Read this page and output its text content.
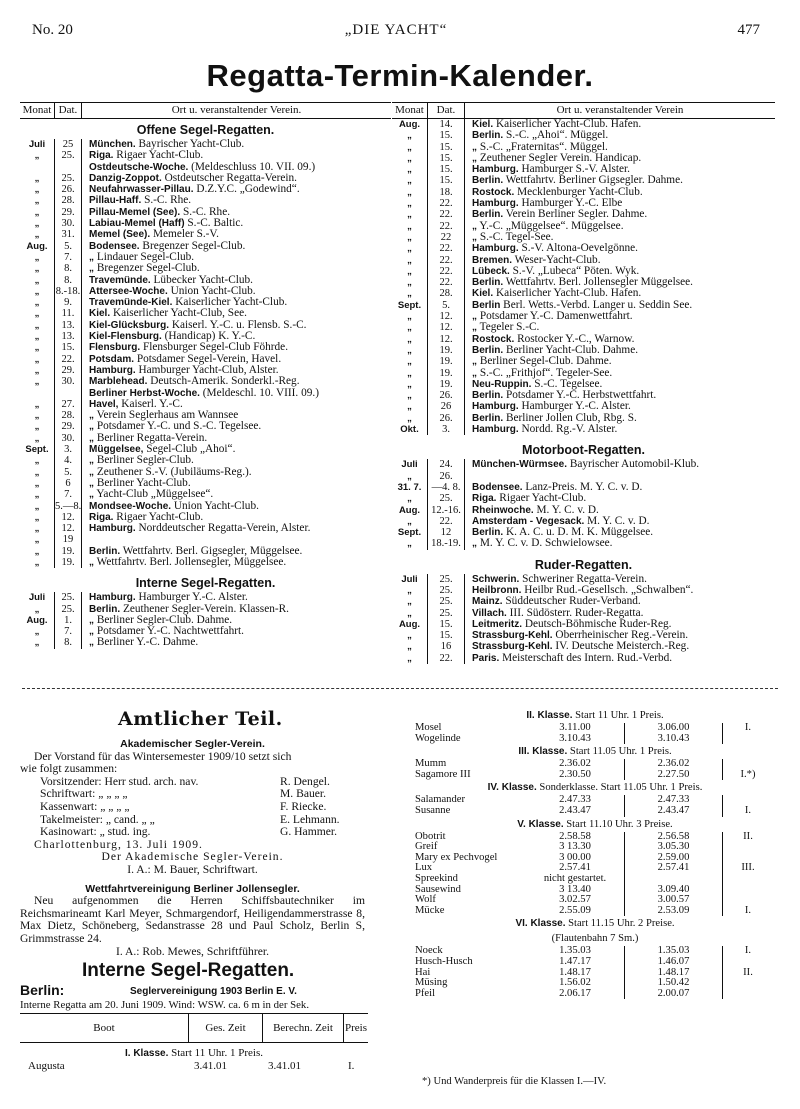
No. 20	„DIE YACHT“	477
Regatta-Termin-Kalender.
Monat Dat.	Ort u. veranstaltender Verein.
Offene Segel-Regatten.
Juli	25	München. Bayrischer Yacht-Club.
„	25.	Riga. Rigaer Yacht-Club.
Ostdeutsche-Woche. (Meldeschluss 10. VII. 09.)
„	25.	Danzig-Zoppot. Ostdeutscher Regatta-Verein.
„	26.	Neufahrwasser-Pillau. D.Z.Y.C. „Godewind“.
„	28.	Pillau-Haff. S.-C. Rhe.
„	29.	Pillau-Memel (See). S.-C. Rhe.
„	30.	Labiau-Memel (Haff) S.-C. Baltic.
„	31.	Memel (See). Memeler S.-V.
Aug.	5.	Bodensee. Bregenzer Segel-Club.
„	7.	„ Lindauer Segel-Club.
„	8.	„ Bregenzer Segel-Club.
„	8.	Travemünde. Lübecker Yacht-Club.
„	8.-18. Attersee-Woche. Union Yacht-Club.
„	9.	Travemünde-Kiel. Kaiserlicher Yacht-Club.
„	11.	Kiel. Kaiserlicher Yacht-Club, See.
„	13.	Kiel-Glücksburg. Kaiserl. Y.-C. u. Flensb. S.-C.
„	13.	Kiel-Flensburg. (Handicap) K. Y.-C.
„	15.	Flensburg. Flensburger Segel-Club Föhrde.
„	22.	Potsdam. Potsdamer Segel-Verein, Havel.
„	29.	Hamburg. Hamburger Yacht-Club, Alster.
„	30.	Marblehead. Deutsch-Amerik. Sonderkl.-Reg.
Berliner Herbst-Woche. (Meldeschl. 10. VIII. 09.)
„	27.	Havel, Kaiserl. Y.-C.
„	28.	„ Verein Seglerhaus am Wannsee
„	29.	„ Potsdamer Y.-C. und S.-C. Tegelsee.
„	30.	„ Berliner Regatta-Verein.
Sept.	3.	Müggelsee, Segel-Club „Ahoi“.
„	4.	„ Berliner Segler-Club.
„	5.	„ Zeuthener S.-V. (Jubiläums-Reg.).
„	6	„ Berliner Yacht-Club.
„	7.	„ Yacht-Club „Müggelsee“.
„	5.—8. Mondsee-Woche. Union Yacht-Club.
„	12.	Riga. Rigaer Yacht-Club.
„	12.	Hamburg. Norddeutscher Regatta-Verein, Alster.
„	19
„	19.	Berlin. Wettfahrtv. Berl. Gigsegler, Müggelsee.
„	19.	„ Wettfahrtv. Berl. Jollensegler, Müggelsee.
Interne Segel-Regatten.
Juli	25.	Hamburg. Hamburger Y.-C. Alster.
„	25.	Berlin. Zeuthener Segler-Verein. Klassen-R.
Aug.	1.	„ Berliner Segler-Club. Dahme.
„	7.	„ Potsdamer Y.-C. Nachtwettfahrt.
„	8.	„ Berliner Y.-C. Dahme.
Monat	Dat.	Ort u. veranstaltender Verein
Aug.	14.	Kiel. Kaiserlicher Yacht-Club. Hafen.
„	15.	Berlin. S.-C. „Ahoi“. Müggel.
„	15.	„ S.-C. „Fraternitas“. Müggel.
„	15.	„ Zeuthener Segler Verein. Handicap.
„	15.	Hamburg. Hamburger S.-V. Alster.
„	15.	Berlin. Wettfahrtv. Berliner Gigsegler. Dahme.
„	18.	Rostock. Mecklenburger Yacht-Club.
„	22.	Hamburg. Hamburger Y.-C. Elbe
„	22.	Berlin. Verein Berliner Segler. Dahme.
„	22.	„ Y.-C. „Müggelsee“. Müggelsee.
„	22	„ S.-C. Tegel-See.
„	22.	Hamburg. S.-V. Altona-Oevelgönne.
„	22.	Bremen. Weser-Yacht-Club.
„	22.	Lübeck. S.-V. „Lubeca“ Pöten. Wyk.
„	22.	Berlin. Wettfahrtv. Berl. Jollensegler Müggelsee.
„	28.	Kiel. Kaiserlicher Yacht-Club. Hafen.
Sept.	5.	Berlin Berl. Wetts.-Verbd. Langer u. Seddin See.
„	12.	„ Potsdamer Y.-C. Damenwettfahrt.
„	12.	„ Tegeler S.-C.
„	12.	Rostock. Rostocker Y.-C., Warnow.
„	19.	Berlin. Berliner Yacht-Club. Dahme.
„	19.	„ Berliner Segel-Club. Dahme.
„	19.	„ S.-C. „Frithjof“. Tegeler-See.
„	19.	Neu-Ruppin. S.-C. Tegelsee.
„	26.	Berlin. Potsdamer Y.-C. Herbstwettfahrt.
„	26	Hamburg. Hamburger Y.-C. Alster.
„	26.	Berlin. Berliner Jollen Club, Rbg. S.
Okt.	3.	Hamburg. Nordd. Rg.-V. Alster.
Motorboot-Regatten.
Juli	24.	München-Würmsee. Bayrischer Automobil-Klub.
„	26.
31. 7. —4. 8.	Bodensee. Lanz-Preis. M. Y. C. v. D.
„	25.	Riga. Rigaer Yacht-Club.
Aug.	12.-16.	Rheinwoche. M. Y. C. v. D.
„	22.	Amsterdam - Vegesack. M. Y. C. v. D.
Sept.	12	Berlin. K. A. C. u. D. M. K. Müggelsee.
„	18.-19.	„ M. Y. C. v. D. Schwielowsee.
Ruder-Regatten.
Juli	25.	Schwerin. Schweriner Regatta-Verein.
„	25.	Heilbronn. Heilbr Rud.-Gesellsch. „Schwalben“.
„	25.	Mainz. Süddeutscher Ruder-Verband.
„	25.	Villach. III. Südösterr. Ruder-Regatta.
Aug.	15.	Leitmeritz. Deutsch-Böhmische Ruder-Reg.
„	15.	Strassburg-Kehl. Oberrheinischer Reg.-Verein.
„	16	Strassburg-Kehl. IV. Deutsche Meisterch.-Reg.
„	22.	Paris. Meisterschaft des Intern. Rud.-Verbd.
Amtlicher Teil.
Akademischer Segler-Verein.
Der Vorstand für das Wintersemester 1909/10 setzt sich
wie folgt zusammen:
Vorsitzender: Herr stud. arch. nav.	R. Dengel.
Schriftwart: „ „ „ „	M. Bauer.
Kassenwart: „ „ „ „	F. Riecke.
Takelmeister: „ cand. „ „	E. Lehmann.
Kasinowart: „ stud. ing.	G. Hammer.
Charlottenburg, 13. Juli 1909.
Der Akademische Segler-Verein.
I. A.: M. Bauer, Schriftwart.
Wettfahrtvereinigung Berliner Jollensegler.
Neu aufgenommen die Herren Schiffsbautechniker im Reichsmarineamt Karl Meyer, Schmargendorf, Heiligendammerstrasse 8, Max Dietz, Schöneberg, Sedanstrasse 28 und Paul Scholz, Berlin S, Grimmstrasse 24.
I. A.: Rob. Mewes, Schriftführer.
Interne Segel-Regatten.
Berlin:	Seglervereinigung 1903 Berlin E. V.
Interne Regatta am 20. Juni 1909. Wind: WSW. ca. 6 m in der Sek.
Boot	Ges. Zeit	Berechn. Zeit	Preis
I. Klasse. Start 11 Uhr. 1 Preis.
Augusta	3.41.01	3.41.01	I.
II. Klasse. Start 11 Uhr. 1 Preis.
Mosel	3.11.00	3.06.00	I.
Wogelinde	3.10.43	3.10.43
III. Klasse. Start 11.05 Uhr. 1 Preis.
Mumm	2.36.02	2.36.02
Sagamore III	2.30.50	2.27.50	I.*)
IV. Klasse. Sonderklasse. Start 11.05 Uhr. 1 Preis.
Salamander	2.47.33	2.47.33
Susanne	2.43.47	2.43.47	I.
V. Klasse. Start 11.10 Uhr. 3 Preise.
Obotrit	2.58.58	2.56.58	II.
Greif	3 13.30	3.05.30
Mary ex Pechvogel	3 00.00	2.59.00
Lux	2.57.41	2.57.41	III.
Spreekind	nicht gestartet.
Sausewind	3 13.40	3.09.40
Wolf	3.02.57	3.00.57
Mücke	2.55.09	2.53.09	I.
VI. Klasse. Start 11.15 Uhr. 2 Preise.
(Flautenbahn 7 Sm.)
Noeck	1.35.03	1.35.03	I.
Husch-Husch	1.47.17	1.46.07
Hai	1.48.17	1.48.17	II.
Müsing	1.56.02	1.50.42
Pfeil	2.06.17	2.00.07
*) Und Wanderpreis für die Klassen I.—IV.
